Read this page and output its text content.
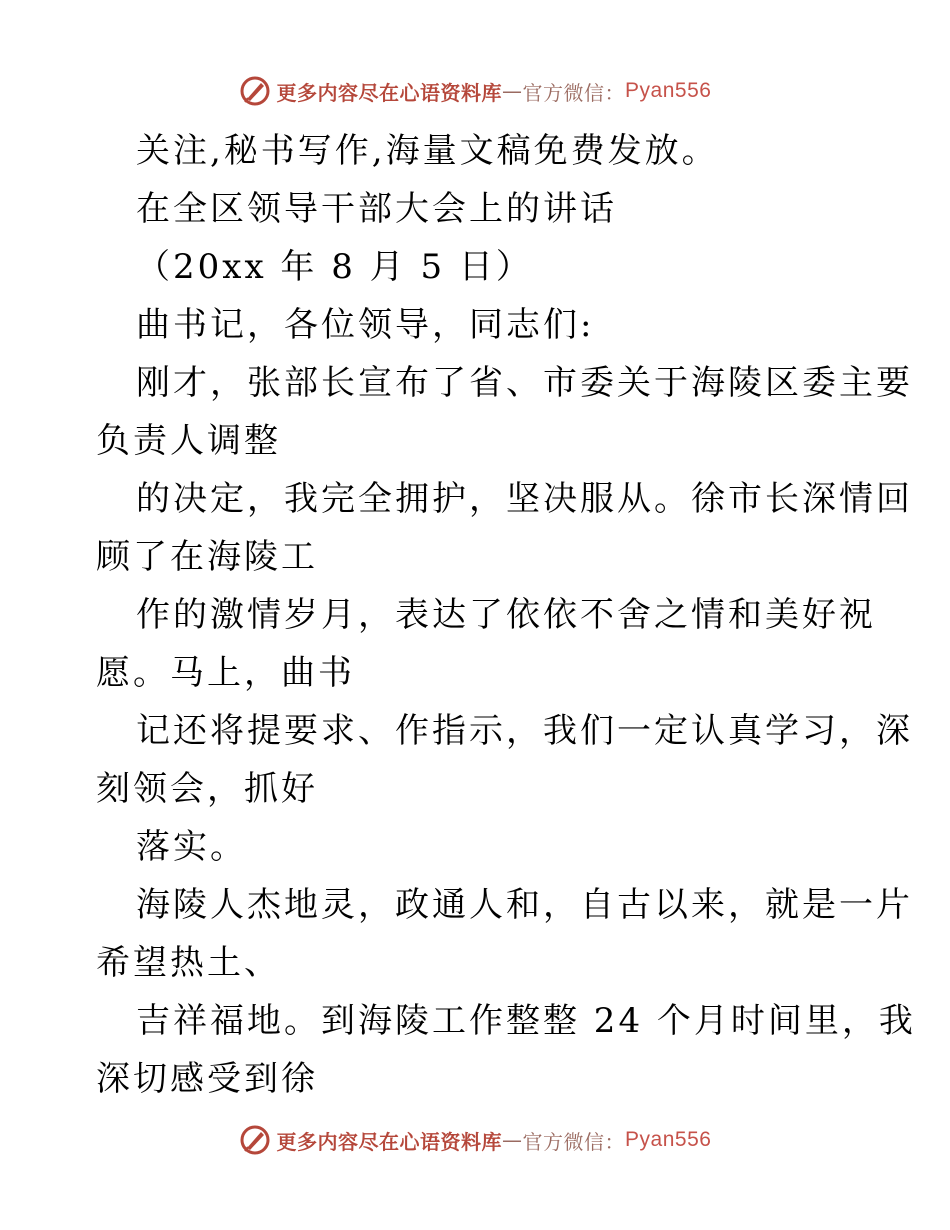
更多内容尽在心语资料库 — 官方微信： Pyan556
关注,秘书写作,海量文稿免费发放。
在全区领导干部大会上的讲话
（20xx 年 8 月 5 日）
曲书记，各位领导，同志们:
刚才，张部长宣布了省、市委关于海陵区委主要
负责人调整
的决定，我完全拥护，坚决服从。徐市长深情回
顾了在海陵工
作的激情岁月，表达了依依不舍之情和美好祝
愿。马上，曲书
记还将提要求、作指示，我们一定认真学习，深
刻领会，抓好
落实。
海陵人杰地灵，政通人和，自古以来，就是一片
希望热土、
吉祥福地。到海陵工作整整 24 个月时间里，我
深切感受到徐
更多内容尽在心语资料库 — 官方微信： Pyan556
